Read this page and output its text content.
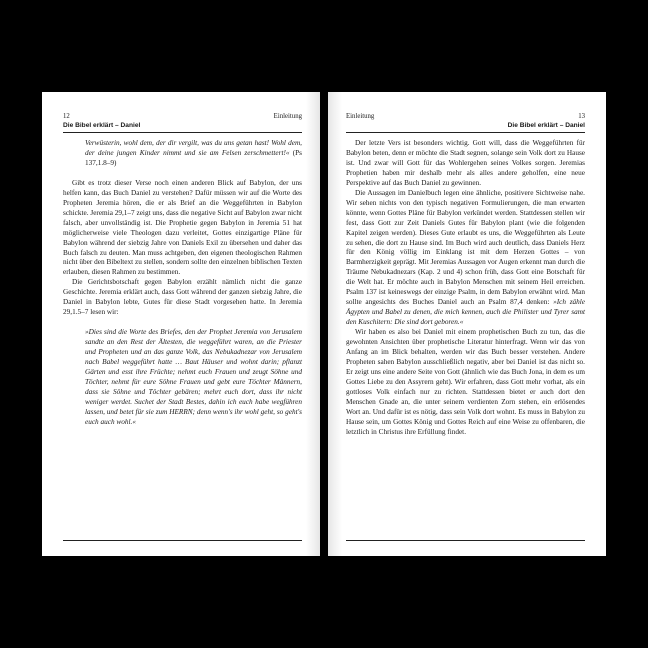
12	Einleitung
Die Bibel erklärt – Daniel

Verwüsterin, wohl dem, der dir vergilt, was du uns getan hast! Wohl dem, der deine jungen Kinder nimmt und sie am Felsen zerschmettert!« (Ps 137,1.8–9)

Gibt es trotz dieser Verse noch einen anderen Blick auf Babylon, der uns helfen kann, das Buch Daniel zu verstehen? Dafür müssen wir auf die Worte des Propheten Jeremia hören, die er als Brief an die Weggeführten in Babylon schickte. Jeremia 29,1–7 zeigt uns, dass die negative Sicht auf Babylon zwar nicht falsch, aber unvollständig ist. Die Prophetie gegen Babylon in Jeremia 51 hat möglicherweise viele Theologen dazu verleitet, Gottes einzigartige Pläne für Babylon während der siebzig Jahre von Daniels Exil zu übersehen und daher das Buch falsch zu deuten. Man muss achtgeben, den eigenen theologischen Rahmen nicht über den Bibeltext zu stellen, sondern sollte den einzelnen biblischen Texten erlauben, diesen Rahmen zu bestimmen.

Die Gerichtsbotschaft gegen Babylon erzählt nämlich nicht die ganze Geschichte. Jeremia erklärt auch, dass Gott während der ganzen siebzig Jahre, die Daniel in Babylon lebte, Gutes für diese Stadt vorgesehen hatte. In Jeremia 29,1.5–7 lesen wir:

»Dies sind die Worte des Briefes, den der Prophet Jeremia von Jerusalem sandte an den Rest der Ältesten, die weggeführt waren, an die Priester und Propheten und an das ganze Volk, das Nebukadnezar von Jerusalem nach Babel weggeführt hatte … Baut Häuser und wohnt darin; pflanzt Gärten und esst ihre Früchte; nehmt euch Frauen und zeugt Söhne und Töchter, nehmt für eure Söhne Frauen und gebt eure Töchter Männern, dass sie Söhne und Töchter gebären; mehrt euch dort, dass ihr nicht weniger werdet. Suchet der Stadt Bestes, dahin ich euch habe wegführen lassen, und betet für sie zum HERRN; denn wenn's ihr wohl geht, so geht's euch auch wohl.«

Einleitung	13
Die Bibel erklärt – Daniel

Der letzte Vers ist besonders wichtig. Gott will, dass die Weggeführten für Babylon beten, denn er möchte die Stadt segnen, solange sein Volk dort zu Hause ist. Und zwar will Gott für das Wohlergehen seines Volkes sorgen. Jeremias Prophetien haben mir deshalb mehr als alles andere geholfen, eine neue Perspektive auf das Buch Daniel zu gewinnen.

Die Aussagen im Danielbuch legen eine ähnliche, positivere Sichtweise nahe. Wir sehen nichts von den typisch negativen Formulierungen, die man erwarten könnte, wenn Gottes Pläne für Babylon verkündet werden. Stattdessen stellen wir fest, dass Gott zur Zeit Daniels Gutes für Babylon plant (wie die folgenden Kapitel zeigen werden). Dieses Gute erlaubt es uns, die Weggeführten als Leute zu sehen, die dort zu Hause sind. Im Buch wird auch deutlich, dass Daniels Herz für den König völlig im Einklang ist mit dem Herzen Gottes – von Barmherzigkeit geprägt. Mit Jeremias Aussagen vor Augen erkennt man durch die Träume Nebukadnezars (Kap. 2 und 4) schon früh, dass Gott eine Botschaft für die Welt hat. Er möchte auch in Babylon Menschen mit seinem Heil erreichen. Psalm 137 ist keineswegs der einzige Psalm, in dem Babylon erwähnt wird. Man sollte angesichts des Buches Daniel auch an Psalm 87,4 denken: »Ich zähle Ägypten und Babel zu denen, die mich kennen, auch die Philister und Tyrer samt den Kuschitern: Die sind dort geboren.«

Wir haben es also bei Daniel mit einem prophetischen Buch zu tun, das die gewohnten Ansichten über prophetische Literatur hinterfragt. Wenn wir das von Anfang an im Blick behalten, werden wir das Buch besser verstehen. Andere Propheten sahen Babylon ausschließlich negativ, aber bei Daniel ist das nicht so. Er zeigt uns eine andere Seite von Gott (ähnlich wie das Buch Jona, in dem es um Gottes Liebe zu den Assyrern geht). Wir erfahren, dass Gott mehr vorhat, als ein gottloses Volk einfach nur zu richten. Stattdessen bietet er auch dort den Menschen Gnade an, die unter seinem verdienten Zorn stehen, ein erlösendes Wort an. Und dafür ist es nötig, dass sein Volk dort wohnt. Es muss in Babylon zu Hause sein, um Gottes König und Gottes Reich auf eine Weise zu offenbaren, die letztlich in Christus ihre Erfüllung findet.
